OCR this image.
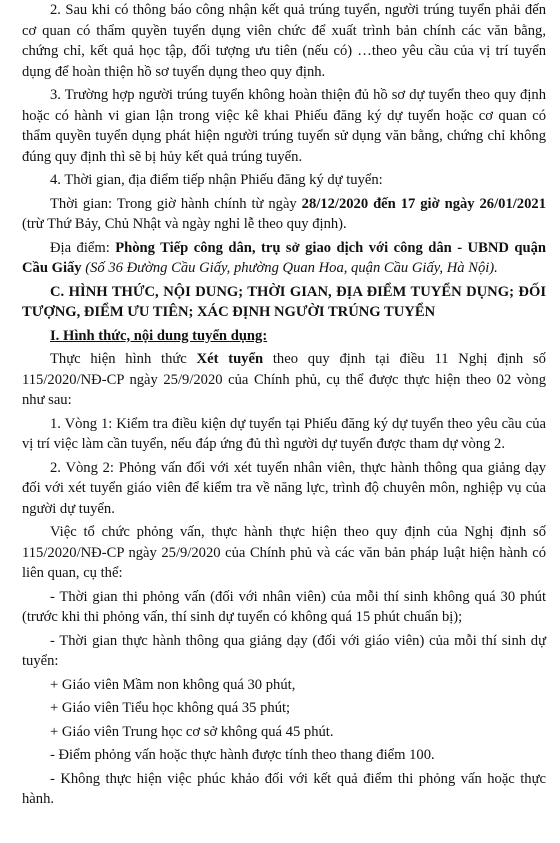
2. Sau khi có thông báo công nhận kết quả trúng tuyển, người trúng tuyển phải đến cơ quan có thẩm quyền tuyển dụng viên chức để xuất trình bản chính các văn bằng, chứng chỉ, kết quả học tập, đối tượng ưu tiên (nếu có) …theo yêu cầu của vị trí tuyển dụng để hoàn thiện hồ sơ tuyển dụng theo quy định.

3. Trường hợp người trúng tuyển không hoàn thiện đủ hồ sơ dự tuyển theo quy định hoặc có hành vi gian lận trong việc kê khai Phiếu đăng ký dự tuyển hoặc cơ quan có thẩm quyền tuyển dụng phát hiện người trúng tuyển sử dụng văn bằng, chứng chỉ không đúng quy định thì sẽ bị hủy kết quả trúng tuyển.

4. Thời gian, địa điểm tiếp nhận Phiếu đăng ký dự tuyển:

Thời gian: Trong giờ hành chính từ ngày 28/12/2020 đến 17 giờ ngày 26/01/2021 (trừ Thứ Bảy, Chủ Nhật và ngày nghỉ lễ theo quy định).

Địa điểm: Phòng Tiếp công dân, trụ sở giao dịch với công dân - UBND quận Cầu Giấy (Số 36 Đường Cầu Giấy, phường Quan Hoa, quận Cầu Giấy, Hà Nội).

C. HÌNH THỨC, NỘI DUNG; THỜI GIAN, ĐỊA ĐIỂM TUYỂN DỤNG; ĐỐI TƯỢNG, ĐIỂM ƯU TIÊN; XÁC ĐỊNH NGƯỜI TRÚNG TUYỂN

I. Hình thức, nội dung tuyển dụng:

Thực hiện hình thức Xét tuyển theo quy định tại điều 11 Nghị định số 115/2020/NĐ-CP ngày 25/9/2020 của Chính phủ, cụ thể được thực hiện theo 02 vòng như sau:

1. Vòng 1: Kiểm tra điều kiện dự tuyển tại Phiếu đăng ký dự tuyển theo yêu cầu của vị trí việc làm cần tuyển, nếu đáp ứng đủ thì người dự tuyển được tham dự vòng 2.

2. Vòng 2: Phỏng vấn đối với xét tuyển nhân viên, thực hành thông qua giảng dạy đối với xét tuyển giáo viên để kiểm tra về năng lực, trình độ chuyên môn, nghiệp vụ của người dự tuyển.

Việc tổ chức phỏng vấn, thực hành thực hiện theo quy định của Nghị định số 115/2020/NĐ-CP ngày 25/9/2020 của Chính phủ và các văn bản pháp luật hiện hành có liên quan, cụ thể:

- Thời gian thi phỏng vấn (đối với nhân viên) của mỗi thí sinh không quá 30 phút (trước khi thi phỏng vấn, thí sinh dự tuyển có không quá 15 phút chuẩn bị);

- Thời gian thực hành thông qua giảng dạy (đối với giáo viên) của mỗi thí sinh dự tuyển:

+ Giáo viên Mầm non không quá 30 phút,

+ Giáo viên Tiểu học không quá 35 phút;

+ Giáo viên Trung học cơ sở không quá 45 phút.

- Điểm phỏng vấn hoặc thực hành được tính theo thang điểm 100.

- Không thực hiện việc phúc khảo đối với kết quả điểm thi phỏng vấn hoặc thực hành.
